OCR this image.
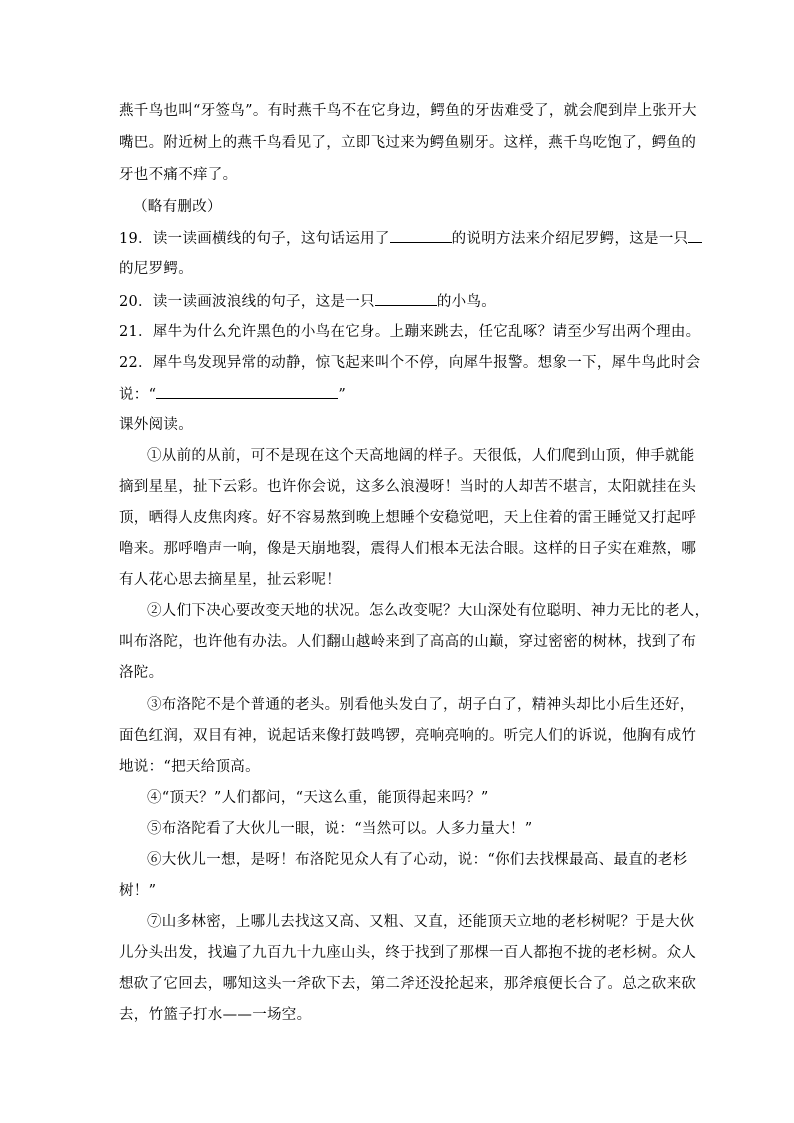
燕千鸟也叫“牙签鸟”。有时燕千鸟不在它身边，鳄鱼的牙齿难受了，就会爬到岸上张开大
嘴巴。附近树上的燕千鸟看见了，立即飞过来为鳄鱼剔牙。这样，燕千鸟吃饱了，鳄鱼的
牙也不痛不痒了。
（略有删改）
19．读一读画横线的句子，这句话运用了	的说明方法来介绍尼罗鳄，这是一只
的尼罗鳄。
20．读一读画波浪线的句子，这是一只	的小鸟。
21．犀牛为什么允许黑色的小鸟在它身。上蹦来跳去，任它乱啄？请至少写出两个理由。
22．犀牛鸟发现异常的动静，惊飞起来叫个不停，向犀牛报警。想象一下，犀牛鸟此时会
说：“	”
课外阅读。
①从前的从前，可不是现在这个天高地阔的样子。天很低，人们爬到山顶，伸手就能
摘到星星，扯下云彩。也许你会说，这多么浪漫呀！当时的人却苦不堪言，太阳就挂在头
顶，晒得人皮焦肉疼。好不容易熬到晚上想睡个安稳觉吧，天上住着的雷王睡觉又打起呼
噜来。那呼噜声一响，像是天崩地裂，震得人们根本无法合眼。这样的日子实在难熬，哪
有人花心思去摘星星，扯云彩呢！
②人们下决心要改变天地的状况。怎么改变呢？大山深处有位聪明、神力无比的老人，
叫布洛陀，也许他有办法。人们翻山越岭来到了高高的山巅，穿过密密的树林，找到了布
洛陀。
③布洛陀不是个普通的老头。别看他头发白了，胡子白了，精神头却比小后生还好，
面色红润，双目有神，说起话来像打鼓鸣锣，亮响亮响的。听完人们的诉说，他胸有成竹
地说：“把天给顶高。
④“顶天？”人们都问，“天这么重，能顶得起来吗？”
⑤布洛陀看了大伙儿一眼，说：“当然可以。人多力量大！”
⑥大伙儿一想，是呀！布洛陀见众人有了心动，说：“你们去找棵最高、最直的老杉
树！”
⑦山多林密，上哪儿去找这又高、又粗、又直，还能顶天立地的老杉树呢？于是大伙
儿分头出发，找遍了九百九十九座山头，终于找到了那棵一百人都抱不拢的老杉树。众人
想砍了它回去，哪知这头一斧砍下去，第二斧还没抡起来，那斧痕便长合了。总之砍来砍
去，竹篮子打水——一场空。
